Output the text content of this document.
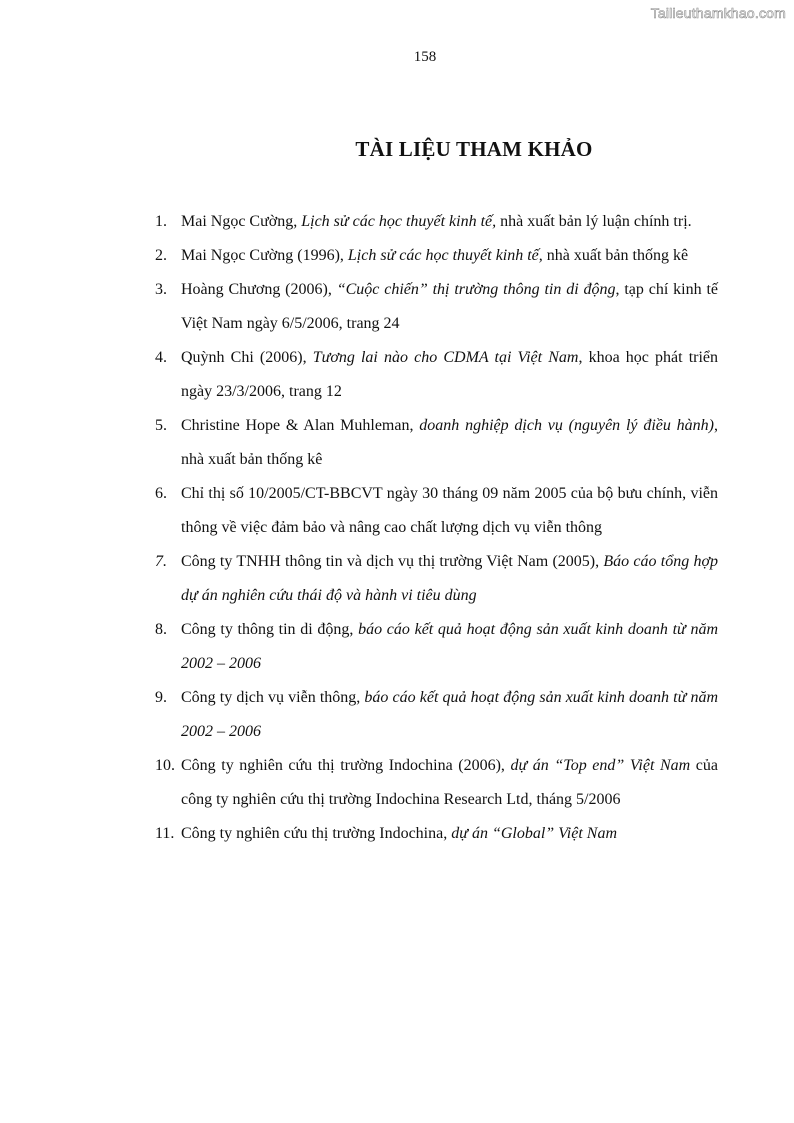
Tailieuthamkhao.com
158
TÀI LIỆU THAM KHẢO
1. Mai Ngọc Cường, Lịch sử các học thuyết kinh tế, nhà xuất bản lý luận chính trị.
2. Mai Ngọc Cường (1996), Lịch sử các học thuyết kinh tế, nhà xuất bản thống kê
3. Hoàng Chương (2006), “Cuộc chiến” thị trường thông tin di động, tạp chí kinh tế Việt Nam ngày 6/5/2006, trang 24
4. Quỳnh Chi (2006), Tương lai nào cho CDMA tại Việt Nam, khoa học phát triển ngày 23/3/2006, trang 12
5. Christine Hope & Alan Muhleman, doanh nghiệp dịch vụ (nguyên lý điều hành), nhà xuất bản thống kê
6. Chỉ thị số 10/2005/CT-BBCVT ngày 30 tháng 09 năm 2005 của bộ bưu chính, viễn thông về việc đảm bảo và nâng cao chất lượng dịch vụ viễn thông
7. Công ty TNHH thông tin và dịch vụ thị trường Việt Nam (2005), Báo cáo tổng hợp dự án nghiên cứu thái độ và hành vi tiêu dùng
8. Công ty thông tin di động, báo cáo kết quả hoạt động sản xuất kinh doanh từ năm 2002 – 2006
9. Công ty dịch vụ viễn thông, báo cáo kết quả hoạt động sản xuất kinh doanh từ năm 2002 – 2006
10. Công ty nghiên cứu thị trường Indochina (2006), dự án “Top end” Việt Nam của công ty nghiên cứu thị trường Indochina Research Ltd, tháng 5/2006
11. Công ty nghiên cứu thị trường Indochina, dự án “Global” Việt Nam
